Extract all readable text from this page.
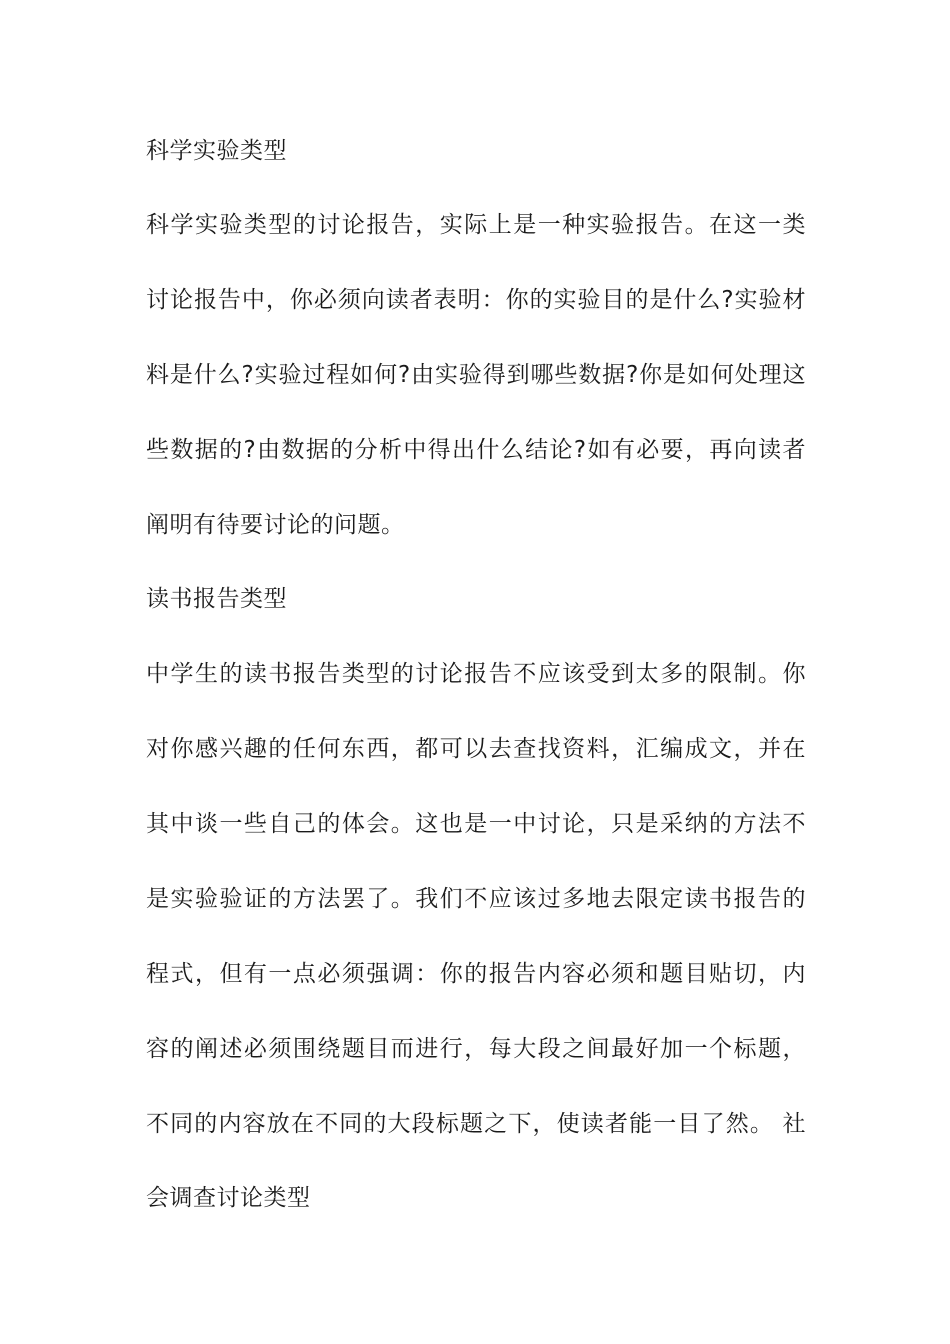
科学实验类型
科学实验类型的讨论报告，实际上是一种实验报告。在这一类
讨论报告中，你必须向读者表明：你的实验目的是什么?实验材
料是什么?实验过程如何?由实验得到哪些数据?你是如何处理这
些数据的?由数据的分析中得出什么结论?如有必要，再向读者
阐明有待要讨论的问题。
读书报告类型
中学生的读书报告类型的讨论报告不应该受到太多的限制。你
对你感兴趣的任何东西，都可以去查找资料，汇编成文，并在
其中谈一些自己的体会。这也是一中讨论，只是采纳的方法不
是实验验证的方法罢了。我们不应该过多地去限定读书报告的
程式，但有一点必须强调：你的报告内容必须和题目贴切，内
容的阐述必须围绕题目而进行，每大段之间最好加一个标题，
不同的内容放在不同的大段标题之下，使读者能一目了然。 社
会调查讨论类型
